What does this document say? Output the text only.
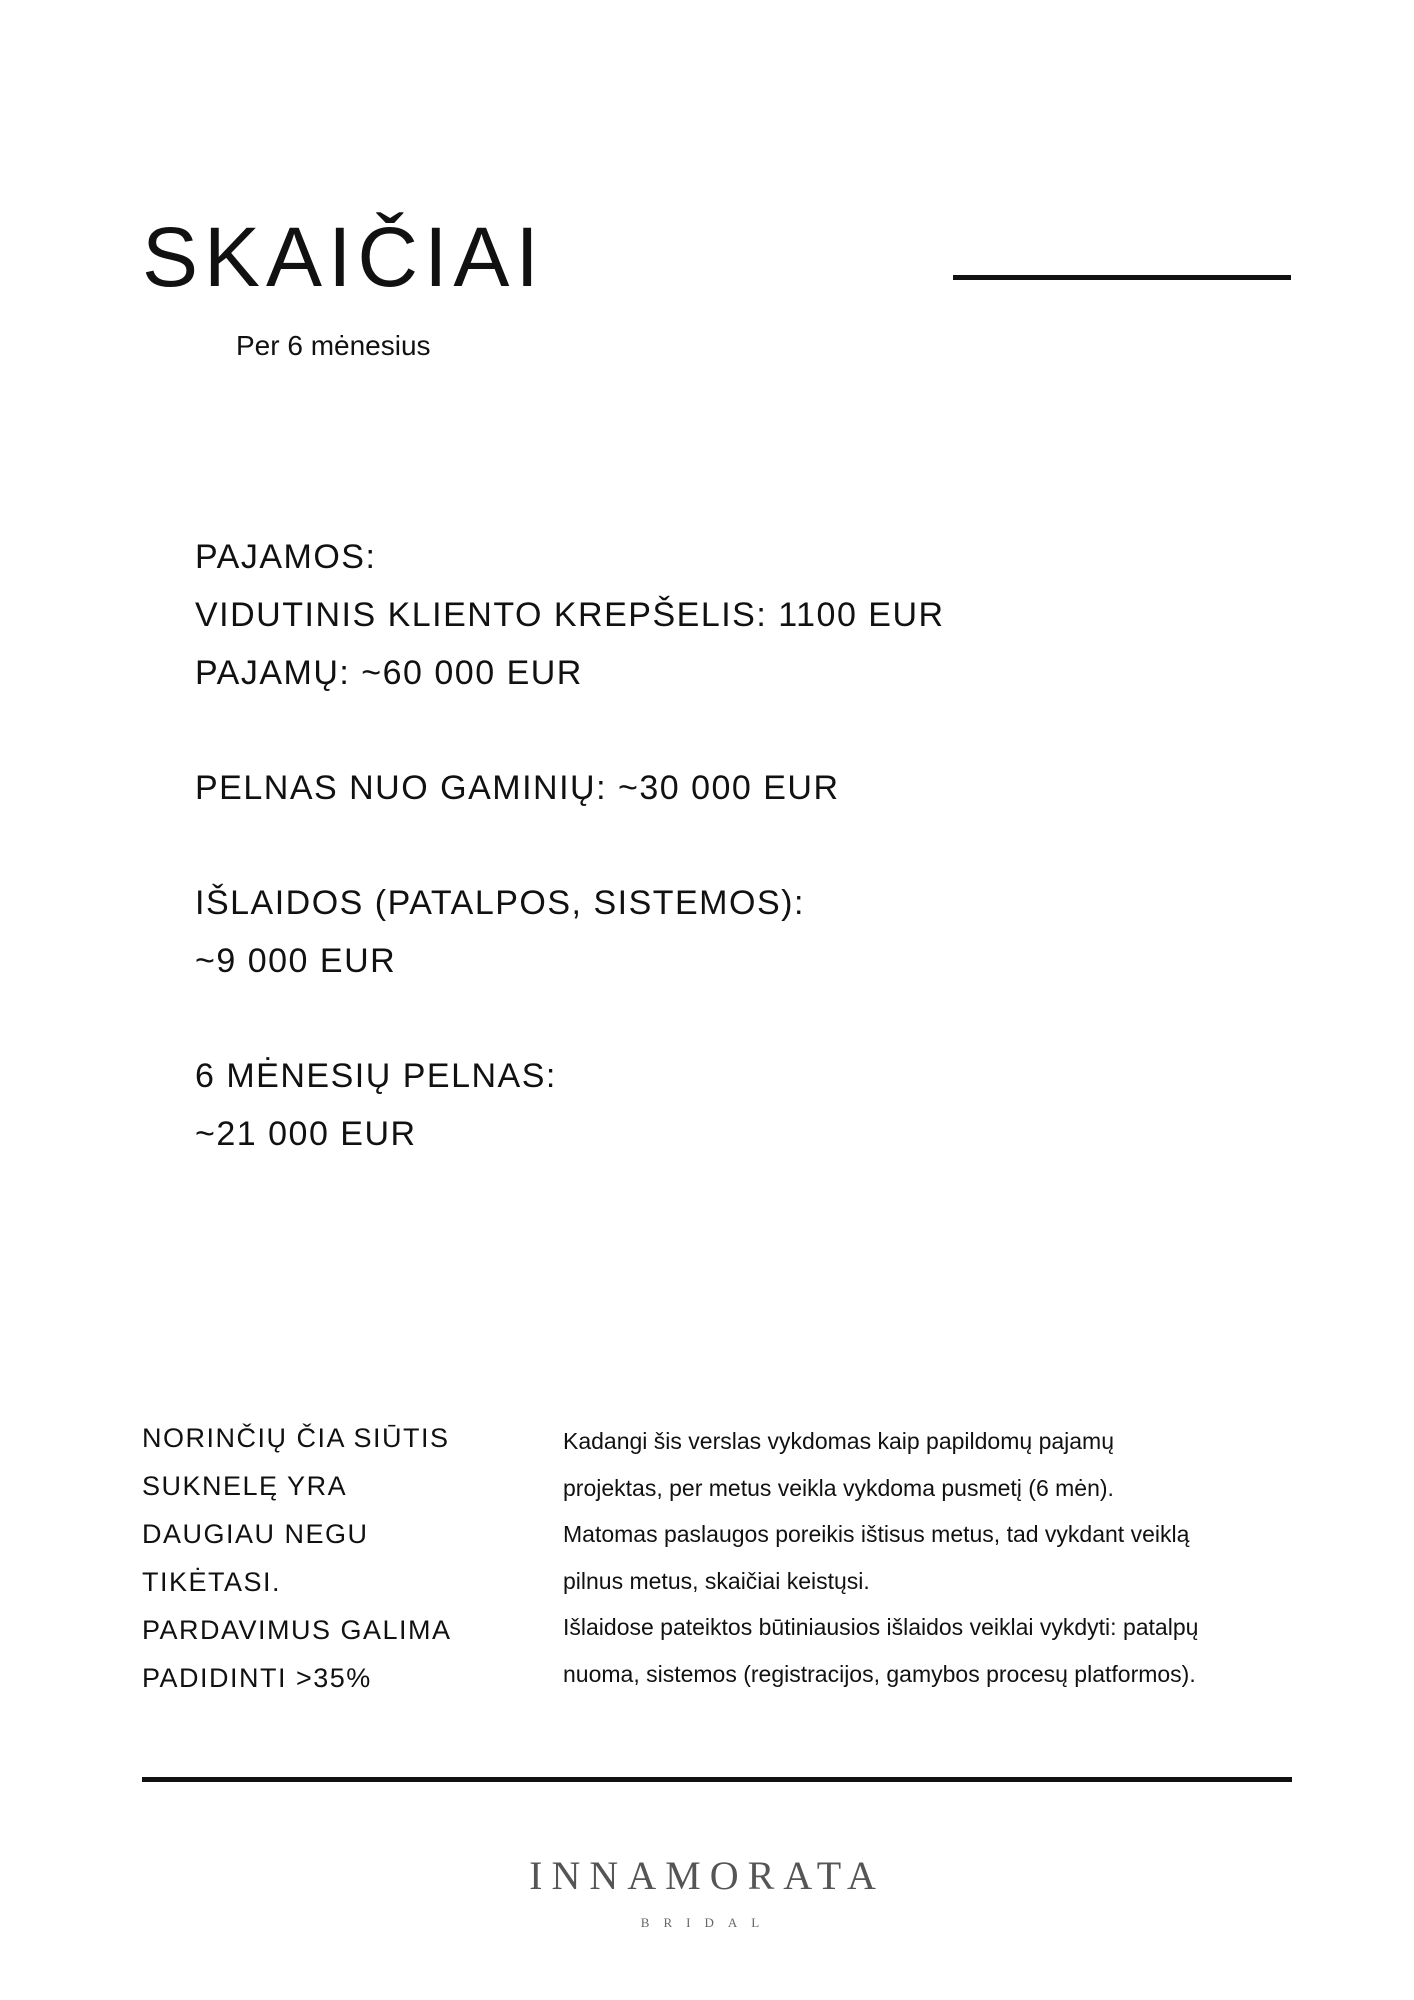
SKAIČIAI
Per 6 mėnesius
PAJAMOS:
VIDUTINIS KLIENTO KREPŠELIS: 1100 EUR
PAJAMŲ: ~60 000 EUR
PELNAS NUO GAMINIŲ: ~30 000 EUR
IŠLAIDOS (PATALPOS, SISTEMOS):
~9 000 EUR
6 MĖNESIŲ PELNAS:
~21 000 EUR
NORINČIŲ ČIA SIŪTIS
SUKNELĘ YRA
DAUGIAU NEGU
TIKĖTASI.
PARDAVIMUS GALIMA
PADIDINTI >35%
Kadangi šis verslas vykdomas kaip papildomų pajamų
projektas, per metus veikla vykdoma pusmetį (6 mėn).
Matomas paslaugos poreikis ištisus metus, tad vykdant veiklą
pilnus metus, skaičiai keistųsi.
Išlaidose pateiktos būtiniausios išlaidos veiklai vykdyti: patalpų
nuoma, sistemos (registracijos, gamybos procesų platformos).
INNAMORATA
BRIDAL
